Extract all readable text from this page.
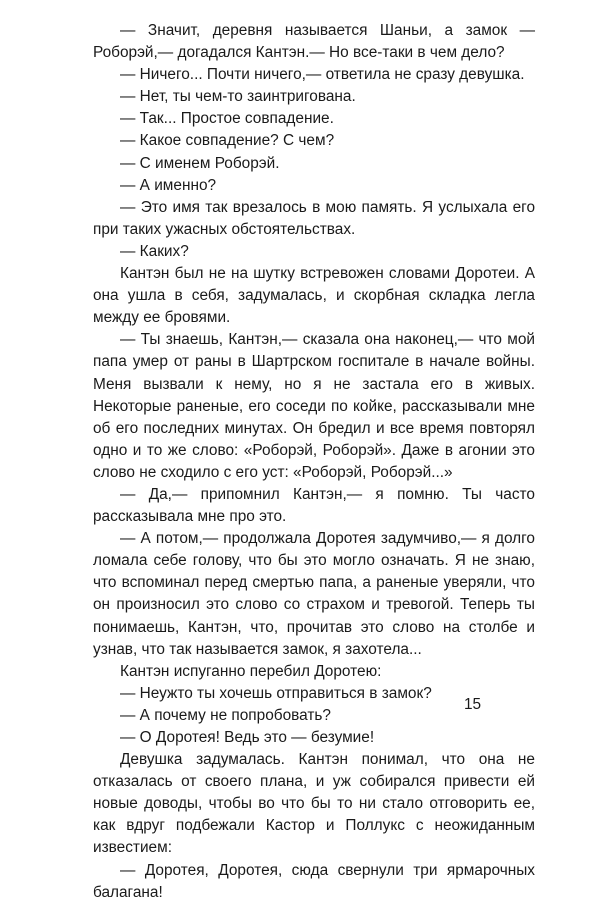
— Значит, деревня называется Шаньи, а замок — Роборэй,— догадался Кантэн.— Но все-таки в чем дело?

— Ничего... Почти ничего,— ответила не сразу девушка.

— Нет, ты чем-то заинтригована.

— Так... Простое совпадение.

— Какое совпадение? С чем?

— С именем Роборэй.

— А именно?

— Это имя так врезалось в мою память. Я услыхала его при таких ужасных обстоятельствах.

— Каких?

Кантэн был не на шутку встревожен словами Доротеи. А она ушла в себя, задумалась, и скорбная складка легла между ее бровями.

— Ты знаешь, Кантэн,— сказала она наконец,— что мой папа умер от раны в Шартрском госпитале в начале войны. Меня вызвали к нему, но я не застала его в живых. Некоторые раненые, его соседи по койке, рассказывали мне об его последних минутах. Он бредил и все время повторял одно и то же слово: «Роборэй, Роборэй». Даже в агонии это слово не сходило с его уст: «Роборэй, Роборэй...»

— Да,— припомнил Кантэн,— я помню. Ты часто рассказывала мне про это.

— А потом,— продолжала Доротея задумчиво,— я долго ломала себе голову, что бы это могло означать. Я не знаю, что вспоминал перед смертью папа, а раненые уверяли, что он произносил это слово со страхом и тревогой. Теперь ты понимаешь, Кантэн, что, прочитав это слово на столбе и узнав, что так называется замок, я захотела...

Кантэн испуганно перебил Доротею:

— Неужто ты хочешь отправиться в замок?

— А почему не попробовать?

— О Доротея! Ведь это — безумие!

Девушка задумалась. Кантэн понимал, что она не отказалась от своего плана, и уж собирался привести ей новые доводы, чтобы во что бы то ни стало отговорить ее, как вдруг подбежали Кастор и Поллукс с неожиданным известием:

— Доротея, Доротея, сюда свернули три ярмарочных балагана!

15
